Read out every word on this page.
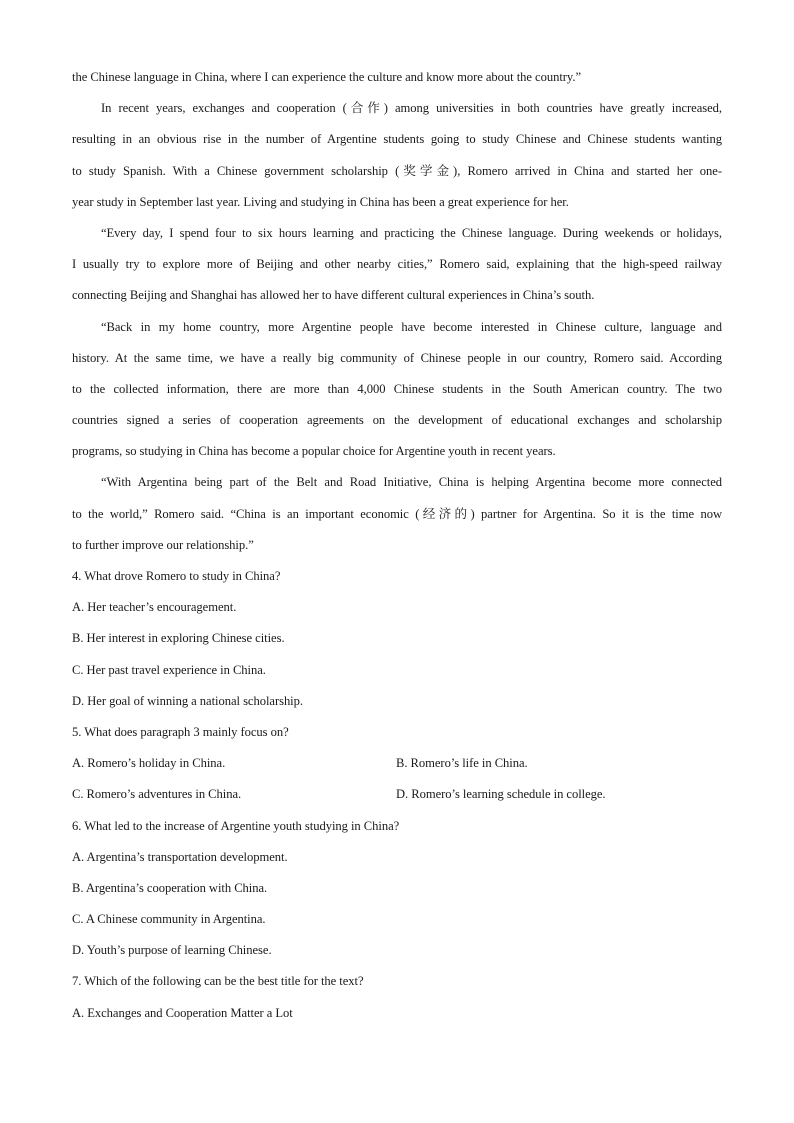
the Chinese language in China, where I can experience the culture and know more about the country.”
In recent years, exchanges and cooperation (合作) among universities in both countries have greatly increased,
resulting in an obvious rise in the number of Argentine students going to study Chinese and Chinese students wanting
to study Spanish. With a Chinese government scholarship (奖学金), Romero arrived in China and started her one-
year study in September last year. Living and studying in China has been a great experience for her.
“Every day, I spend four to six hours learning and practicing the Chinese language. During weekends or holidays,
I usually try to explore more of Beijing and other nearby cities,” Romero said, explaining that the high-speed railway
connecting Beijing and Shanghai has allowed her to have different cultural experiences in China’s south.
“Back in my home country, more Argentine people have become interested in Chinese culture, language and
history. At the same time, we have a really big community of Chinese people in our country, Romero said. According
to the collected information, there are more than 4,000 Chinese students in the South American country. The two
countries signed a series of cooperation agreements on the development of educational exchanges and scholarship
programs, so studying in China has become a popular choice for Argentine youth in recent years.
“With Argentina being part of the Belt and Road Initiative, China is helping Argentina become more connected
to the world,” Romero said. “China is an important economic (经济的) partner for Argentina. So it is the time now
to further improve our relationship.”
4. What drove Romero to study in China?
A. Her teacher’s encouragement.
B. Her interest in exploring Chinese cities.
C. Her past travel experience in China.
D. Her goal of winning a national scholarship.
5. What does paragraph 3 mainly focus on?
A. Romero’s holiday in China.	B. Romero’s life in China.
C. Romero’s adventures in China.	D. Romero’s learning schedule in college.
6. What led to the increase of Argentine youth studying in China?
A. Argentina’s transportation development.
B. Argentina’s cooperation with China.
C. A Chinese community in Argentina.
D. Youth’s purpose of learning Chinese.
7. Which of the following can be the best title for the text?
A. Exchanges and Cooperation Matter a Lot
